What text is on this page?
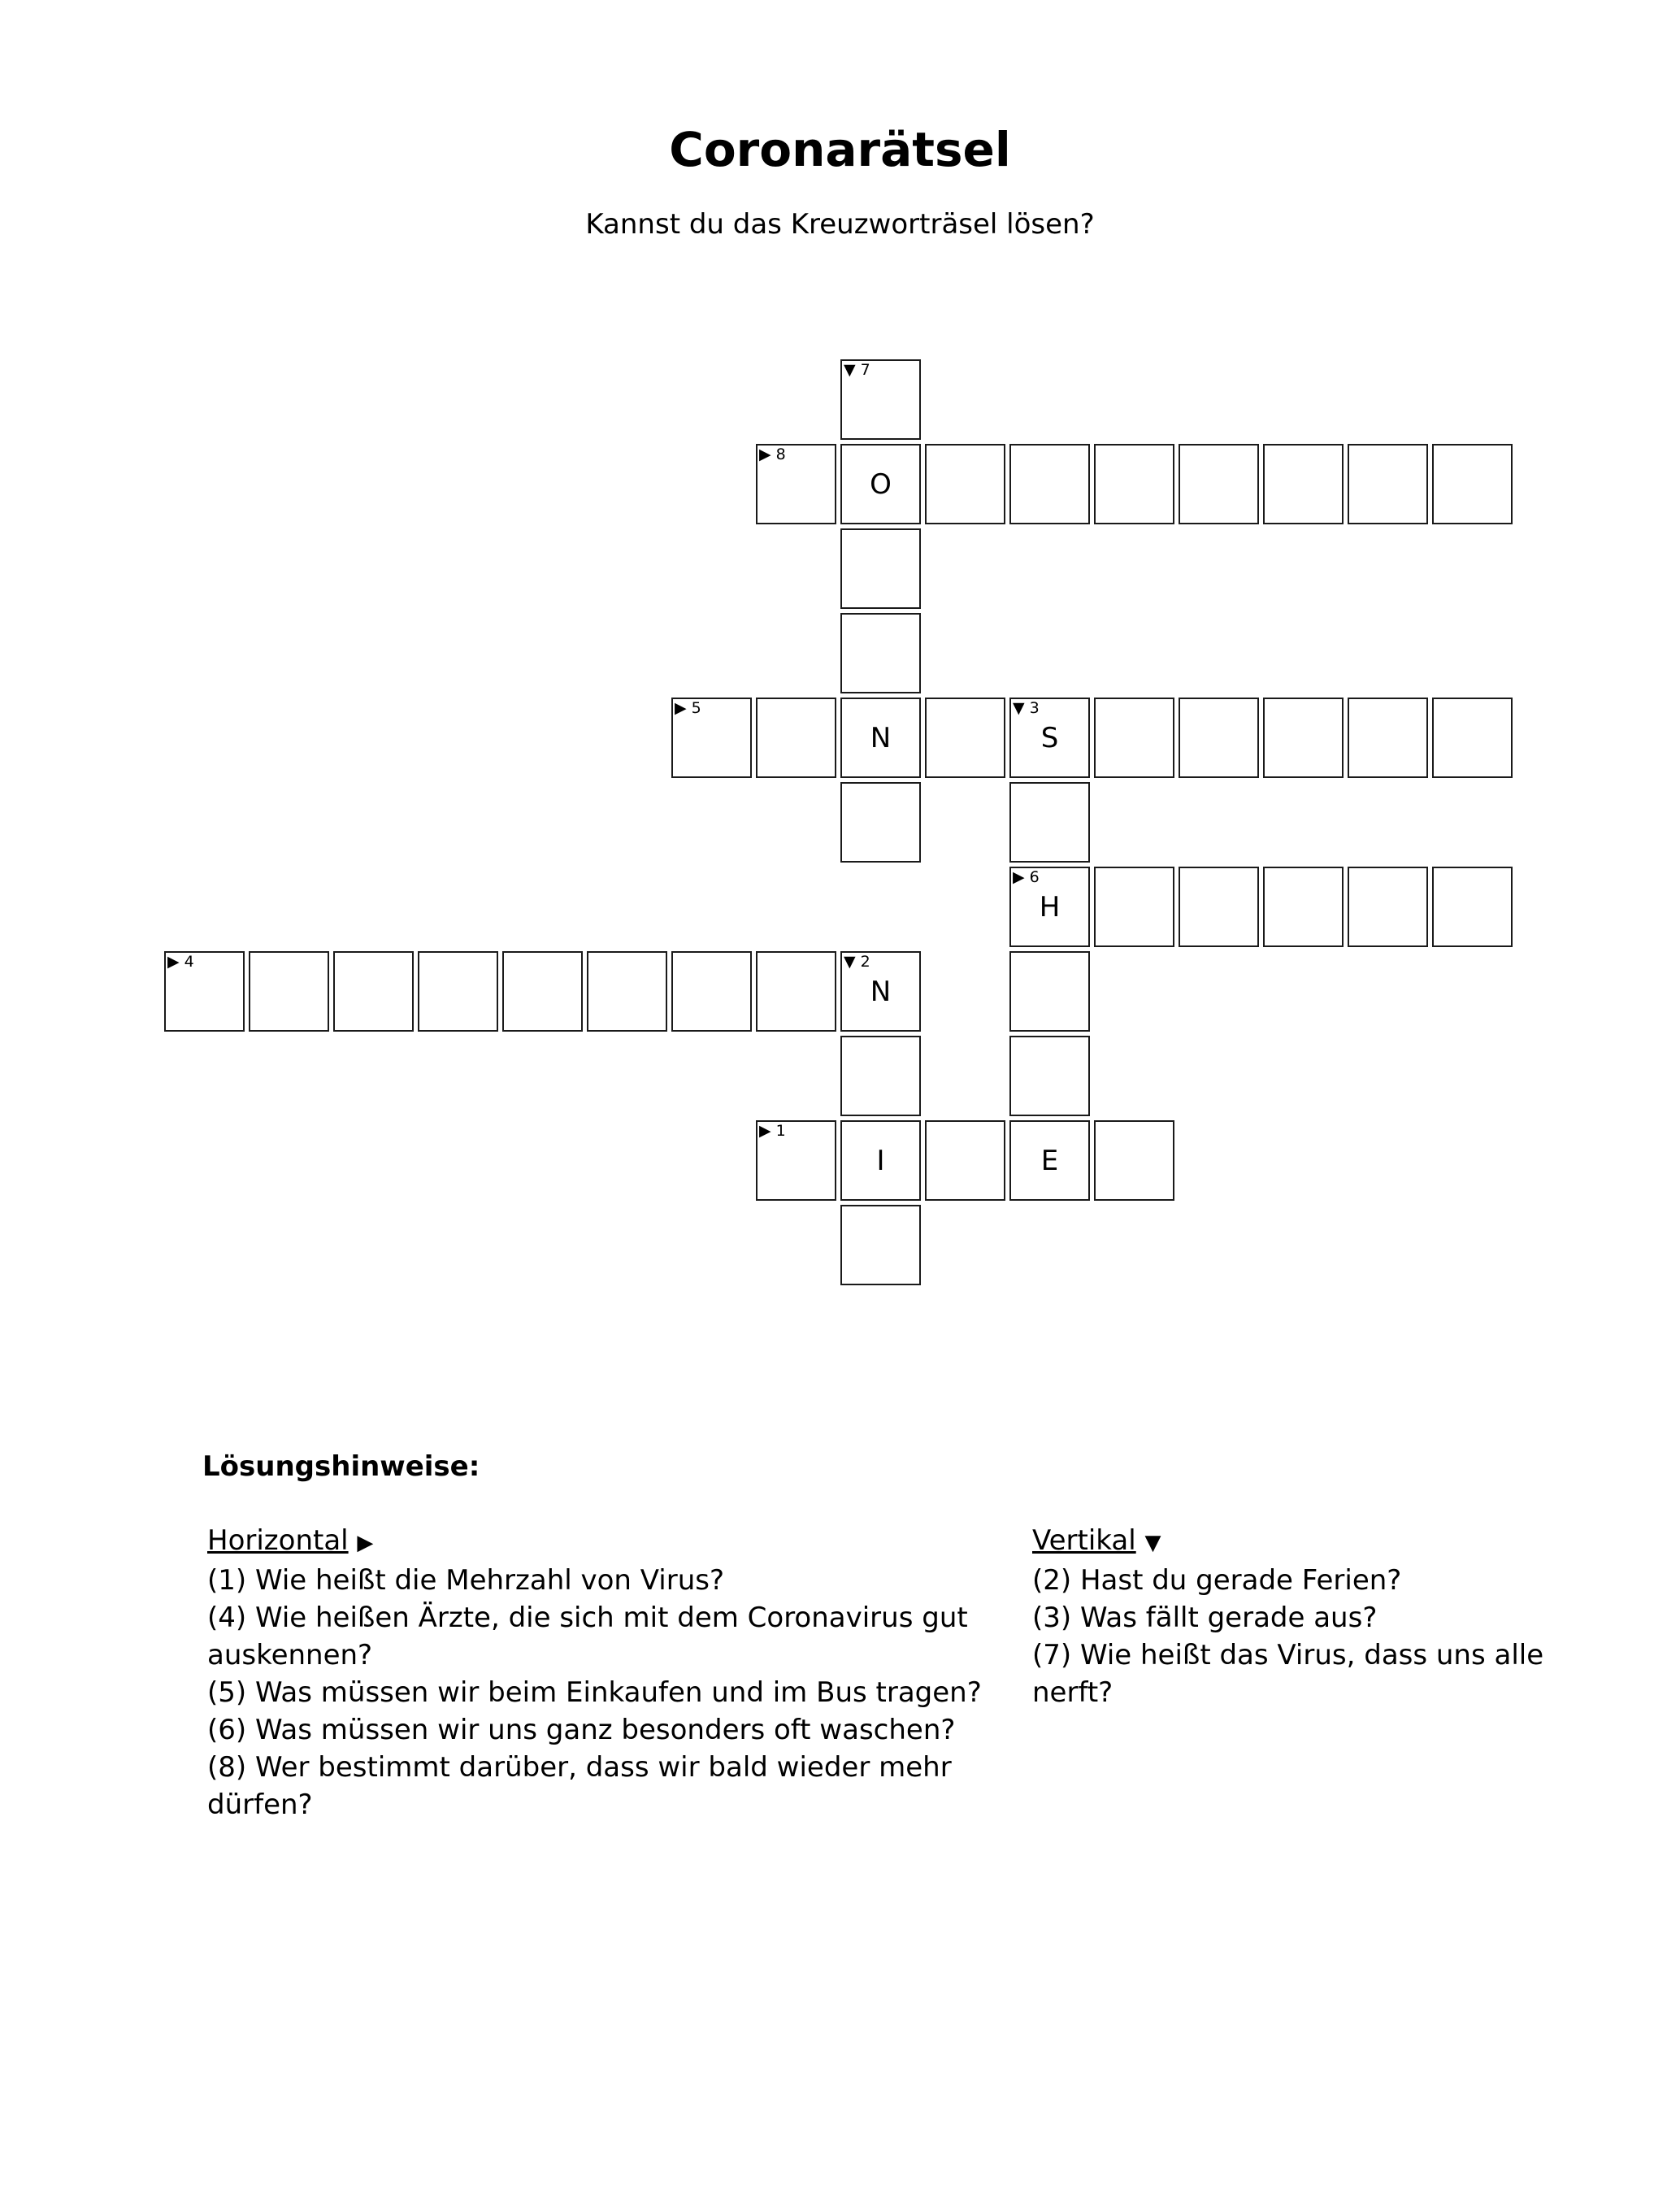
Coronarätsel
Kannst du das Kreuzworträsel lösen?
▼ 7
▶ 8
O
▶ 5
N
▼ 3
S
▶ 6
H
▶ 4	▼ 2
N
▶ 1
I	E
Lösungshinweise:
Horizontal ▶
(1) Wie heißt die Mehrzahl von Virus?
(4) Wie heißen Ärzte, die sich mit dem Coronavirus gut auskennen?
(5) Was müssen wir beim Einkaufen und im Bus tragen?
(6) Was müssen wir uns ganz besonders oft waschen?
(8) Wer bestimmt darüber, dass wir bald wieder mehr dürfen?
Vertikal ▼
(2) Hast du gerade Ferien?
(3) Was fällt gerade aus?
(7) Wie heißt das Virus, dass uns alle nerft?
